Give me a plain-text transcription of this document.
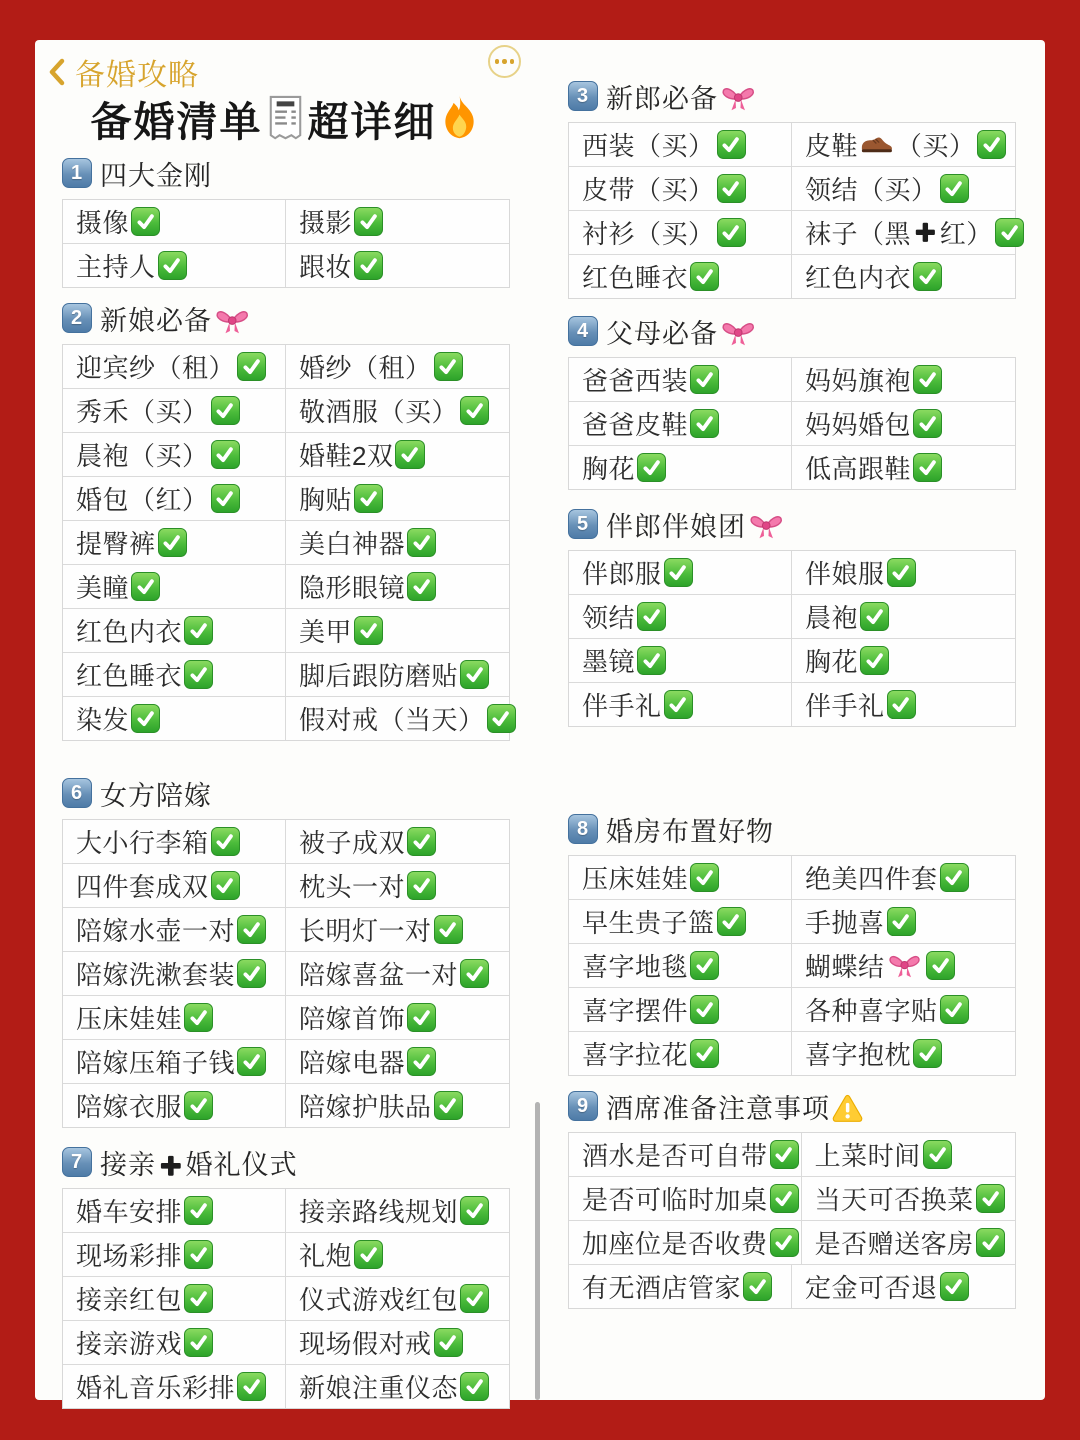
备婚攻略
备婚清单 超详细
1 四大金刚
摄像	摄影
主持人	跟妆
2 新娘必备
迎宾纱（租）	婚纱（租）
秀禾（买）	敬酒服（买）
晨袍（买）	婚鞋2双
婚包（红）	胸贴
提臀裤	美白神器
美瞳	隐形眼镜
红色内衣	美甲
红色睡衣	脚后跟防磨贴
染发	假对戒（当天）
6 女方陪嫁
大小行李箱	被子成双
四件套成双	枕头一对
陪嫁水壶一对	长明灯一对
陪嫁洗漱套装	陪嫁喜盆一对
压床娃娃	陪嫁首饰
陪嫁压箱子钱	陪嫁电器
陪嫁衣服	陪嫁护肤品
7 接亲 婚礼仪式
婚车安排	接亲路线规划
现场彩排	礼炮
接亲红包	仪式游戏红包
接亲游戏	现场假对戒
婚礼音乐彩排	新娘注重仪态
3 新郎必备
西装（买）	皮鞋 （买）
皮带（买）	领结（买）
衬衫（买）	袜子（黑 红）
红色睡衣	红色内衣
4 父母必备
爸爸西装	妈妈旗袍
爸爸皮鞋	妈妈婚包
胸花	低高跟鞋
5 伴郎伴娘团
伴郎服	伴娘服
领结	晨袍
墨镜	胸花
伴手礼	伴手礼
8 婚房布置好物
压床娃娃	绝美四件套
早生贵子篮	手抛喜
喜字地毯	蝴蝶结
喜字摆件	各种喜字贴
喜字拉花	喜字抱枕
9 酒席准备注意事项
酒水是否可自带	上菜时间
是否可临时加桌	当天可否换菜
加座位是否收费	是否赠送客房
有无酒店管家	定金可否退
